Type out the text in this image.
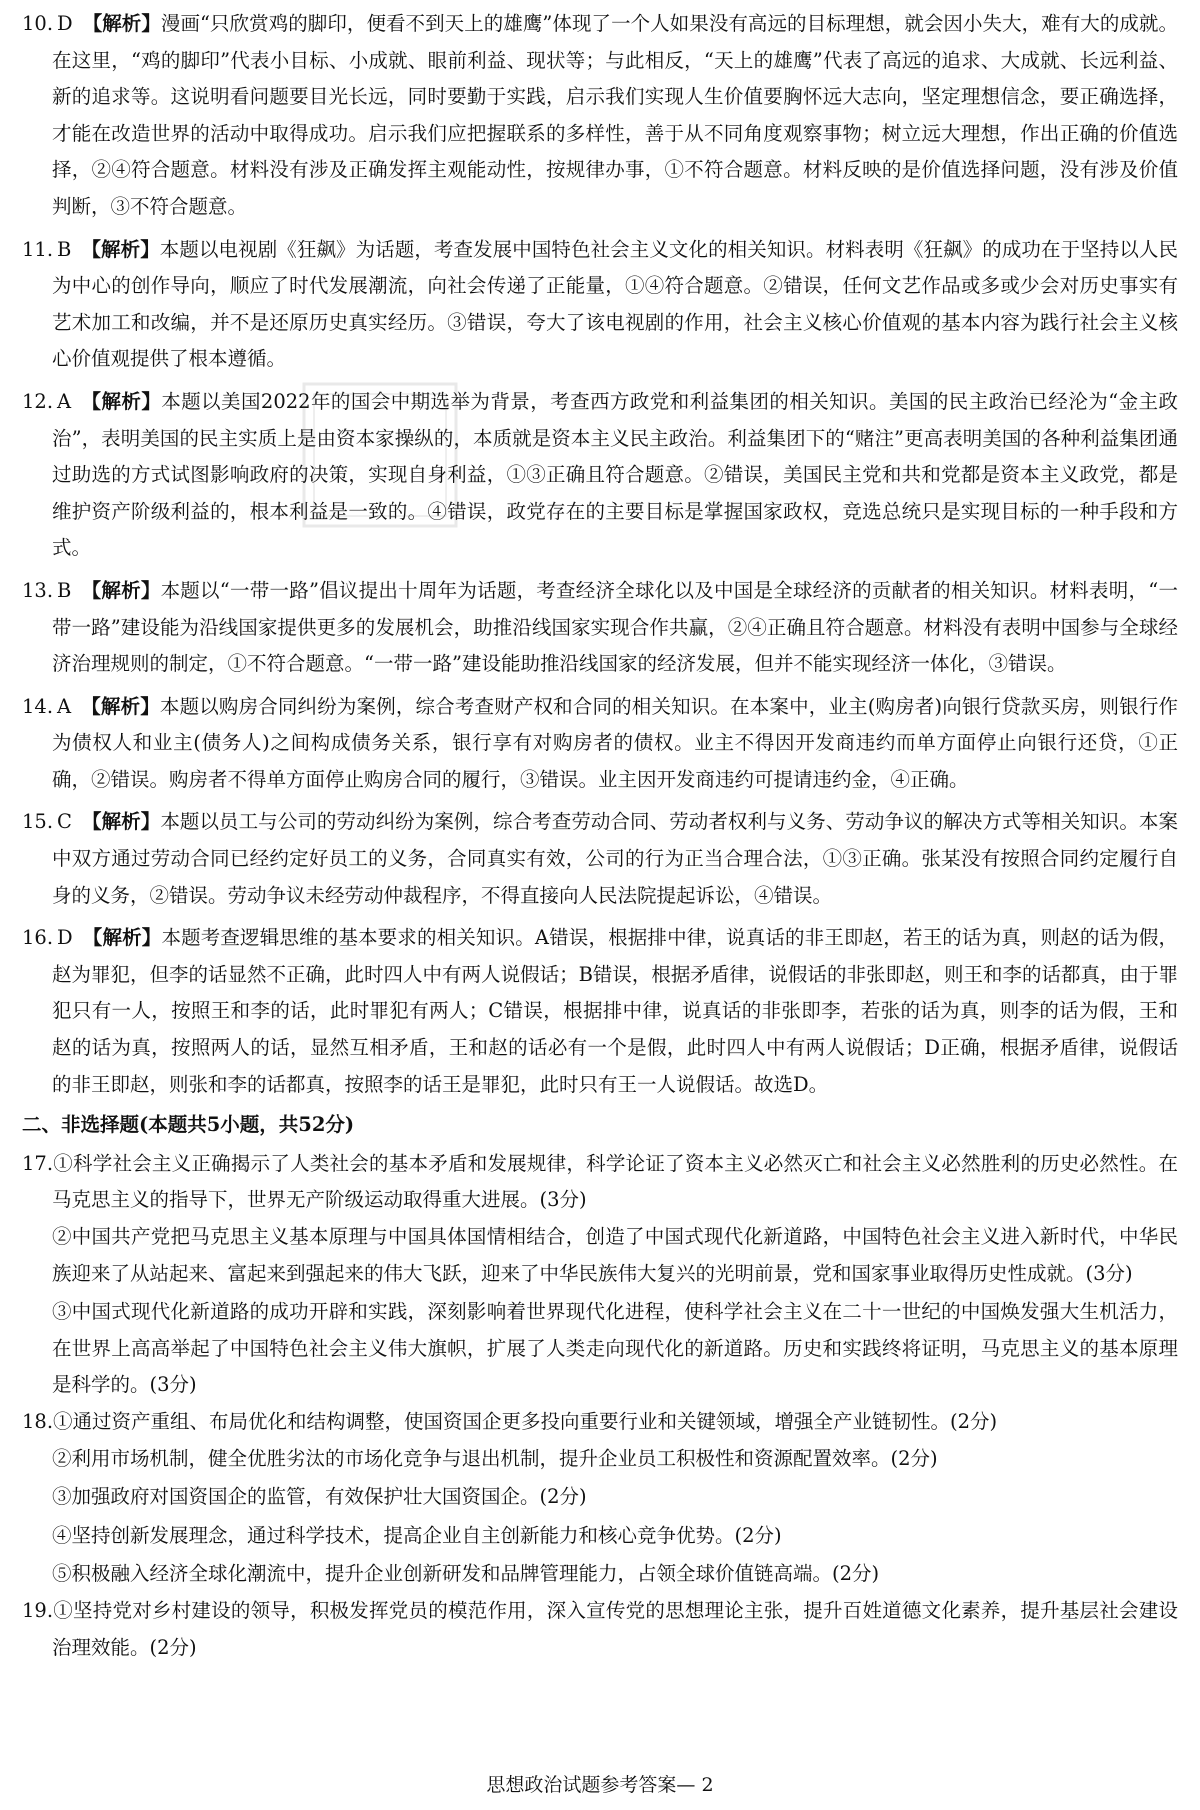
10. D 【解析】漫画“只欣赏鸡的脚印，便看不到天上的雄鹰”体现了一个人如果没有高远的目标理想，就会因小失大，难有大的成就。在这里，“鸡的脚印”代表小目标、小成就、眼前利益、现状等；与此相反，“天上的雄鹰”代表了高远的追求、大成就、长远利益、新的追求等。这说明看问题要目光长远，同时要勤于实践，启示我们实现人生价值要胸怀远大志向，坚定理想信念，要正确选择，才能在改造世界的活动中取得成功。启示我们应把握联系的多样性，善于从不同角度观察事物；树立远大理想，作出正确的价值选择，②④符合题意。材料没有涉及正确发挥主观能动性，按规律办事，①不符合题意。材料反映的是价值选择问题，没有涉及价值判断，③不符合题意。

11. B 【解析】本题以电视剧《狂飙》为话题，考查发展中国特色社会主义文化的相关知识。材料表明《狂飙》的成功在于坚持以人民为中心的创作导向，顺应了时代发展潮流，向社会传递了正能量，①④符合题意。②错误，任何文艺作品或多或少会对历史事实有艺术加工和改编，并不是还原历史真实经历。③错误，夸大了该电视剧的作用，社会主义核心价值观的基本内容为践行社会主义核心价值观提供了根本遵循。

12. A 【解析】本题以美国2022年的国会中期选举为背景，考查西方政党和利益集团的相关知识。美国的民主政治已经沦为“金主政治”，表明美国的民主实质上是由资本家操纵的，本质就是资本主义民主政治。利益集团下的“赌注”更高表明美国的各种利益集团通过助选的方式试图影响政府的决策，实现自身利益，①③正确且符合题意。②错误，美国民主党和共和党都是资本主义政党，都是维护资产阶级利益的，根本利益是一致的。④错误，政党存在的主要目标是掌握国家政权，竞选总统只是实现目标的一种手段和方式。

13. B 【解析】本题以“一带一路”倡议提出十周年为话题，考查经济全球化以及中国是全球经济的贡献者的相关知识。材料表明，“一带一路”建设能为沿线国家提供更多的发展机会，助推沿线国家实现合作共赢，②④正确且符合题意。材料没有表明中国参与全球经济治理规则的制定，①不符合题意。“一带一路”建设能助推沿线国家的经济发展，但并不能实现经济一体化，③错误。

14. A 【解析】本题以购房合同纠纷为案例，综合考查财产权和合同的相关知识。在本案中，业主(购房者)向银行贷款买房，则银行作为债权人和业主(债务人)之间构成债务关系，银行享有对购房者的债权。业主不得因开发商违约而单方面停止向银行还贷，①正确，②错误。购房者不得单方面停止购房合同的履行，③错误。业主因开发商违约可提请违约金，④正确。

15. C 【解析】本题以员工与公司的劳动纠纷为案例，综合考查劳动合同、劳动者权利与义务、劳动争议的解决方式等相关知识。本案中双方通过劳动合同已经约定好员工的义务，合同真实有效，公司的行为正当合理合法，①③正确。张某没有按照合同约定履行自身的义务，②错误。劳动争议未经劳动仲裁程序，不得直接向人民法院提起诉讼，④错误。

16. D 【解析】本题考查逻辑思维的基本要求的相关知识。A错误，根据排中律，说真话的非王即赵，若王的话为真，则赵的话为假，赵为罪犯，但李的话显然不正确，此时四人中有两人说假话；B错误，根据矛盾律，说假话的非张即赵，则王和李的话都真，由于罪犯只有一人，按照王和李的话，此时罪犯有两人；C错误，根据排中律，说真话的非张即李，若张的话为真，则李的话为假，王和赵的话为真，按照两人的话，显然互相矛盾，王和赵的话必有一个是假，此时四人中有两人说假话；D正确，根据矛盾律，说假话的非王即赵，则张和李的话都真，按照李的话王是罪犯，此时只有王一人说假话。故选D。

二、非选择题(本题共5小题，共52分)

17.①科学社会主义正确揭示了人类社会的基本矛盾和发展规律，科学论证了资本主义必然灭亡和社会主义必然胜利的历史必然性。在马克思主义的指导下，世界无产阶级运动取得重大进展。(3分)

②中国共产党把马克思主义基本原理与中国具体国情相结合，创造了中国式现代化新道路，中国特色社会主义进入新时代，中华民族迎来了从站起来、富起来到强起来的伟大飞跃，迎来了中华民族伟大复兴的光明前景，党和国家事业取得历史性成就。(3分)

③中国式现代化新道路的成功开辟和实践，深刻影响着世界现代化进程，使科学社会主义在二十一世纪的中国焕发强大生机活力，在世界上高高举起了中国特色社会主义伟大旗帜，扩展了人类走向现代化的新道路。历史和实践终将证明，马克思主义的基本原理是科学的。(3分)

18.①通过资产重组、布局优化和结构调整，使国资国企更多投向重要行业和关键领域，增强全产业链韧性。(2分)

②利用市场机制，健全优胜劣汰的市场化竞争与退出机制，提升企业员工积极性和资源配置效率。(2分)

③加强政府对国资国企的监管，有效保护壮大国资国企。(2分)

④坚持创新发展理念，通过科学技术，提高企业自主创新能力和核心竞争优势。(2分)

⑤积极融入经济全球化潮流中，提升企业创新研发和品牌管理能力，占领全球价值链高端。(2分)

19.①坚持党对乡村建设的领导，积极发挥党员的模范作用，深入宣传党的思想理论主张，提升百姓道德文化素养，提升基层社会建设治理效能。(2分)

思想政治试题参考答案— 2
